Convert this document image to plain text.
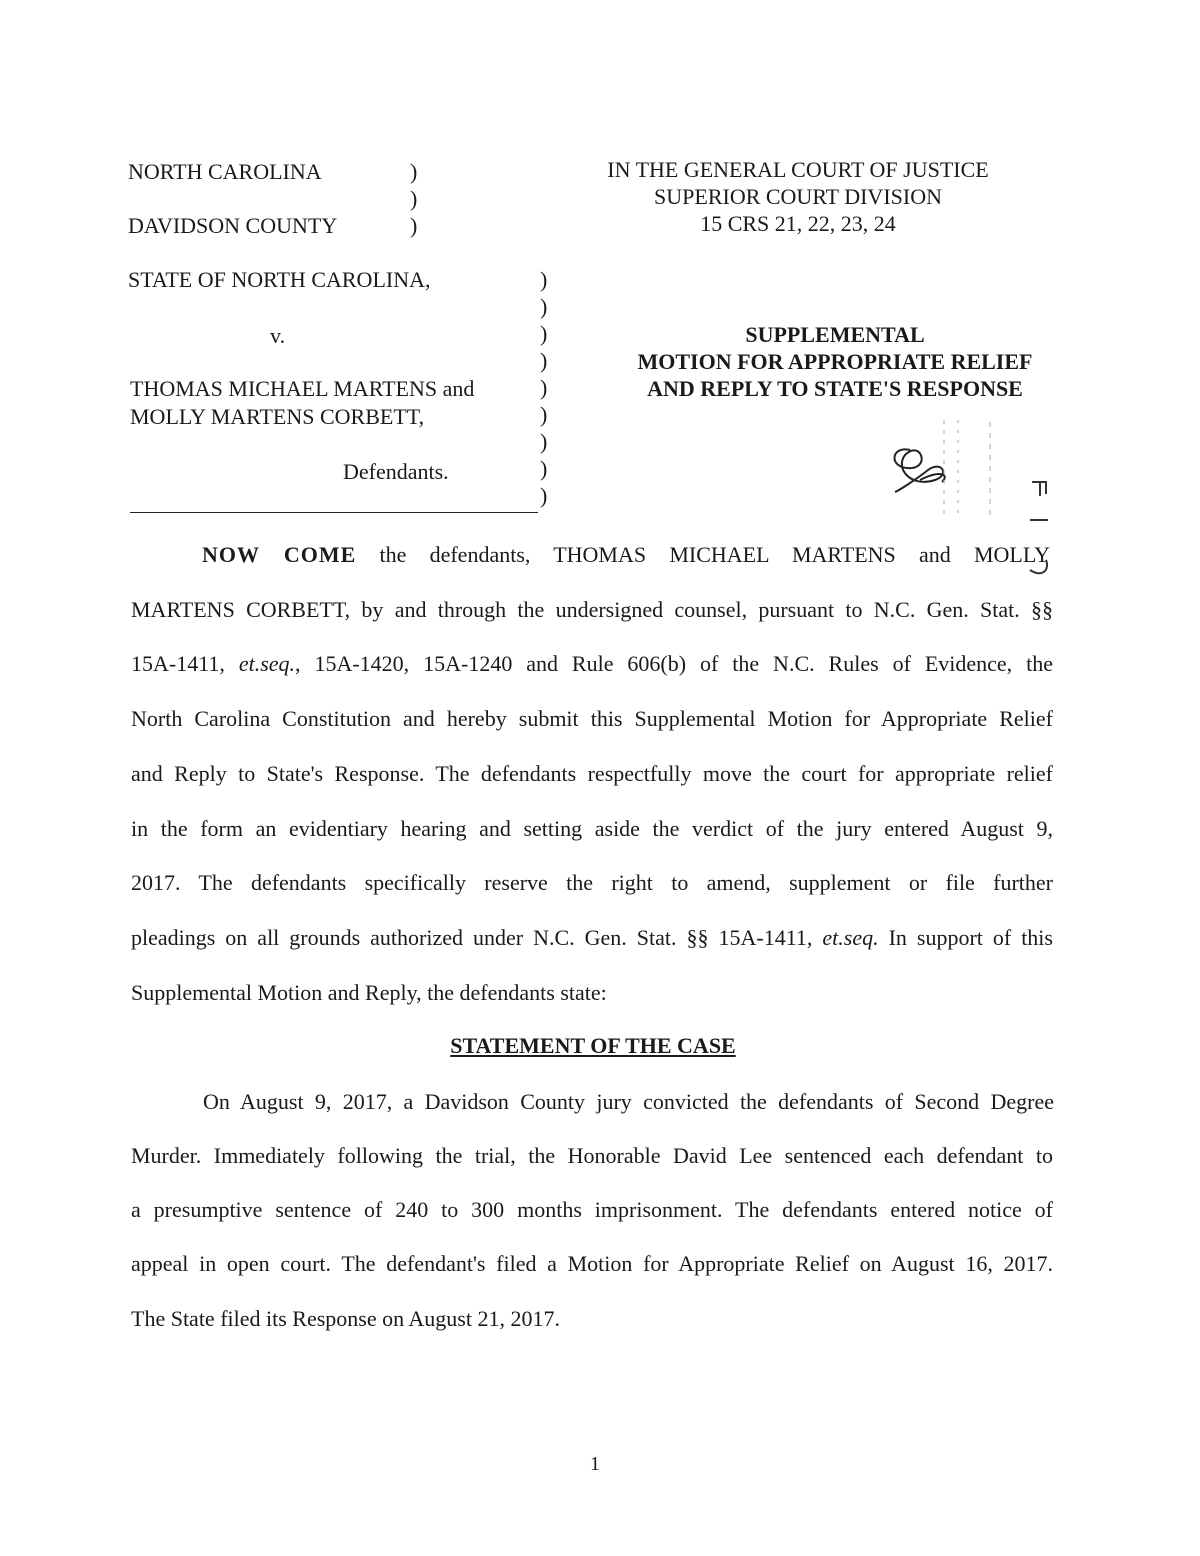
NORTH CAROLINA
DAVIDSON COUNTY
)
)
)
IN THE GENERAL COURT OF JUSTICE
SUPERIOR COURT DIVISION
15 CRS 21, 22, 23, 24
STATE OF NORTH CAROLINA,
v.
THOMAS MICHAEL MARTENS and
MOLLY MARTENS CORBETT,
Defendants.
)
)
)
)
)
)
)
)
)
SUPPLEMENTAL
MOTION FOR APPROPRIATE RELIEF
AND REPLY TO STATE'S RESPONSE
NOW COME the defendants, THOMAS MICHAEL MARTENS and MOLLY
MARTENS CORBETT, by and through the undersigned counsel, pursuant to N.C. Gen. Stat. §§
15A-1411, et.seq., 15A-1420, 15A-1240 and Rule 606(b) of the N.C. Rules of Evidence, the
North Carolina Constitution and hereby submit this Supplemental Motion for Appropriate Relief
and Reply to State's Response. The defendants respectfully move the court for appropriate relief
in the form an evidentiary hearing and setting aside the verdict of the jury entered August 9,
2017. The defendants specifically reserve the right to amend, supplement or file further
pleadings on all grounds authorized under N.C. Gen. Stat. §§ 15A-1411, et.seq. In support of this
Supplemental Motion and Reply, the defendants state:
STATEMENT OF THE CASE
On August 9, 2017, a Davidson County jury convicted the defendants of Second Degree
Murder. Immediately following the trial, the Honorable David Lee sentenced each defendant to
a presumptive sentence of 240 to 300 months imprisonment. The defendants entered notice of
appeal in open court. The defendant's filed a Motion for Appropriate Relief on August 16, 2017.
The State filed its Response on August 21, 2017.
1
